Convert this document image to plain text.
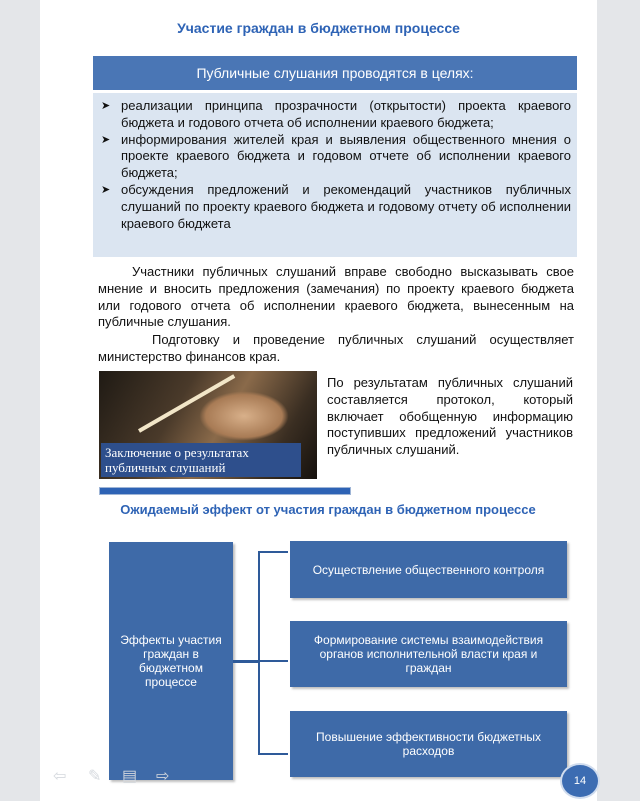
Участие граждан в бюджетном процессе
Публичные слушания проводятся в целях:
➤ реализации принципа прозрачности (открытости) проекта краевого бюджета и годового отчета об исполнении краевого бюджета;
➤ информирования жителей края и выявления общественного мнения о проекте краевого бюджета и годовом отчете об исполнении краевого бюджета;
➤ обсуждения предложений и рекомендаций участников публичных слушаний по проекту краевого бюджета и годовому отчету об исполнении краевого бюджета
Участники публичных слушаний вправе свободно высказывать свое мнение и вносить предложения (замечания) по проекту краевого бюджета или годового отчета об исполнении краевого бюджета, вынесенным на публичные слушания.
Подготовку и проведение публичных слушаний осуществляет министерство финансов края.
Заключение о результатах публичных слушаний
По результатам публичных слушаний составляется протокол, который включает обобщенную информацию поступивших предложений участников публичных слушаний.
Ожидаемый эффект от участия граждан в бюджетном процессе
Эффекты участия граждан в бюджетном процессе
Осуществление общественного контроля
Формирование системы взаимодействия органов исполнительной власти края и граждан
Повышение эффективности бюджетных расходов
14
⇦	✎	▤	⇨
